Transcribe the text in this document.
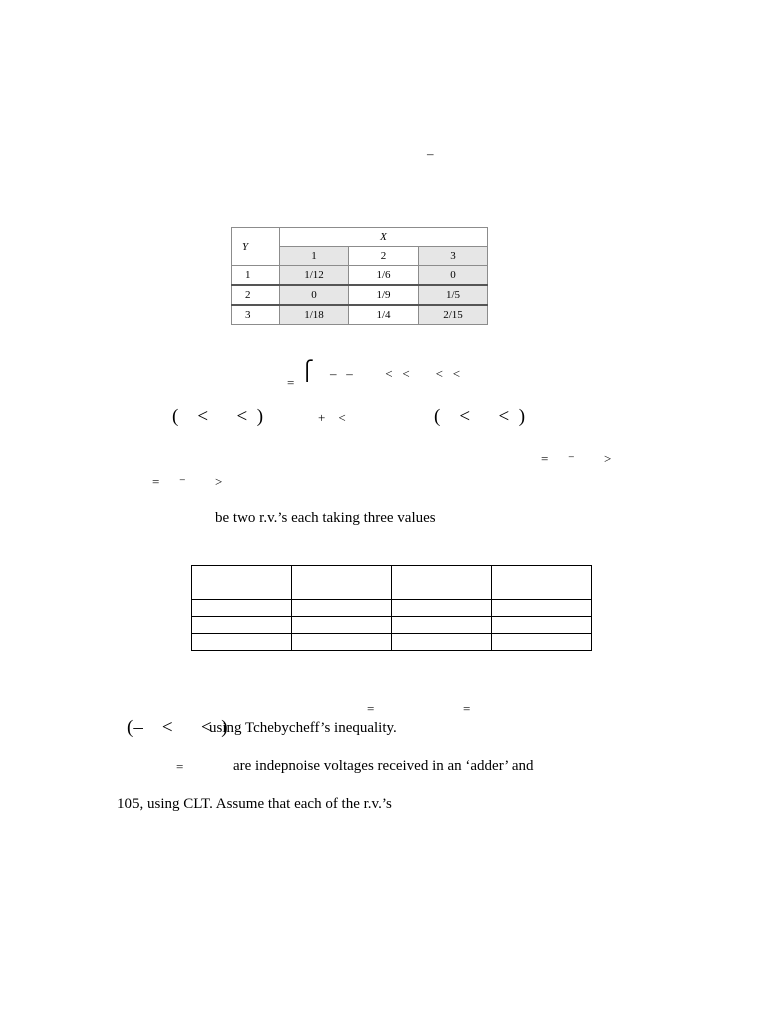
–
Y	X		
	1	2	3
1	1/12	1/6	0
2	0	1/9	1/5
3	1/18	1/4	2/15
=
⎧ –   –          <   <        <   <
(    <      <  )	+    <	(    <      <  )
=      ⁻         >
=      ⁻         >
be two r.v.’s each taking three values

=	=
(–    <      <  )
using Tchebycheff’s inequality.
=	are indepnoise voltages received in an ‘adder’ and
105, using CLT. Assume that each of the r.v.’s
